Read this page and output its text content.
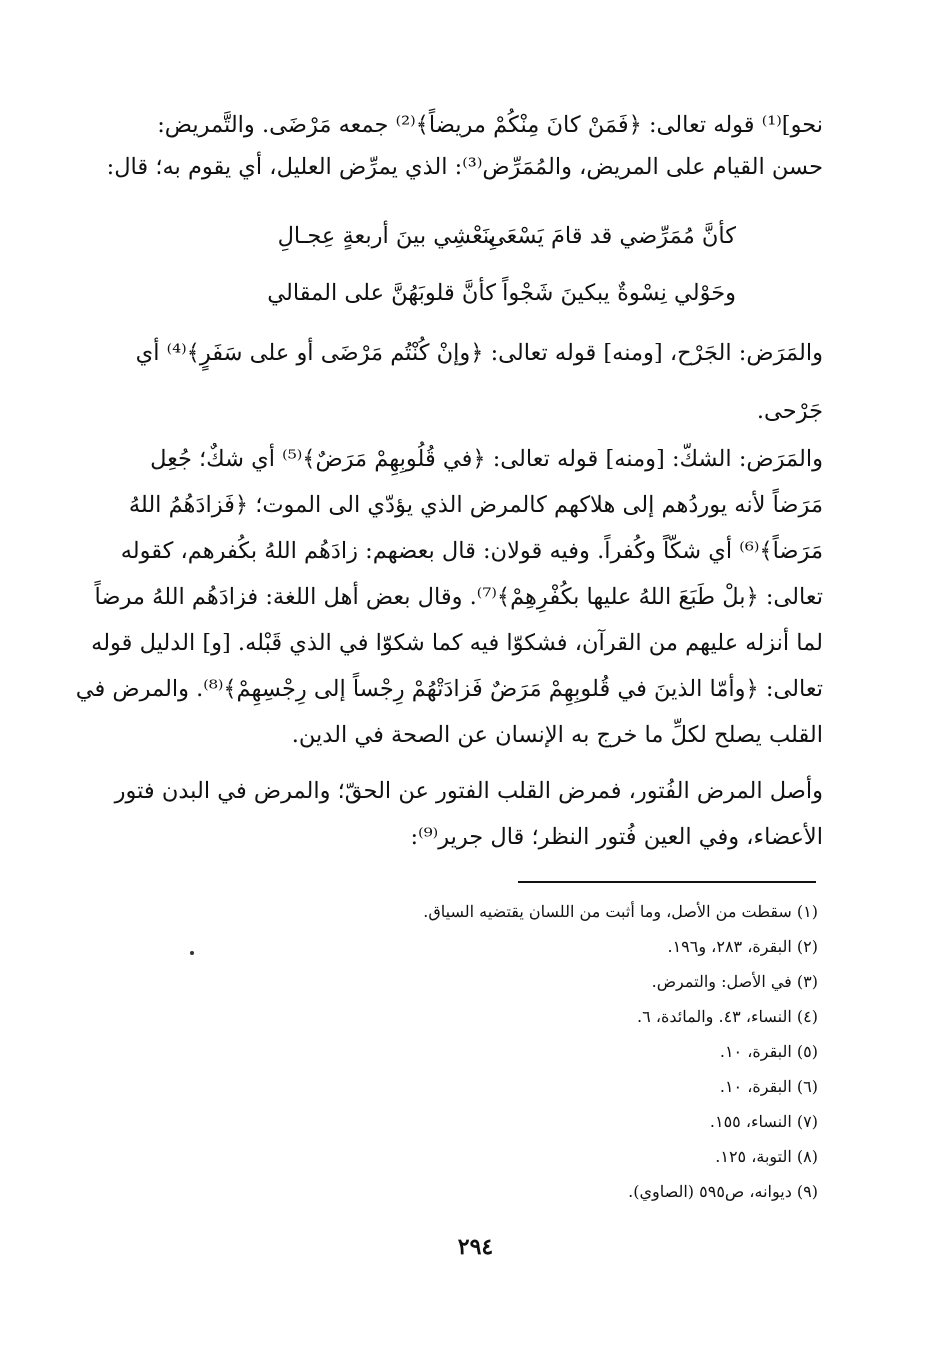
نحو]⁽¹⁾ قوله تعالى: ﴿فَمَنْ كانَ مِنْكُمْ مريضاً﴾⁽²⁾ جمعه مَرْضَى. والتَّمريض:
حسن القيام على المريض، والمُمَرِّض⁽³⁾: الذي يمرِّض العليل، أي يقوم به؛ قال:
كأنَّ مُمَرِّضي قد قامَ يَسْعَى
بِنَعْشِي بينَ أربعةٍ عِجـالِ
وحَوْلي نِسْوةٌ يبكينَ شَجْواً
كأنَّ قلوبَهُنَّ على المقالي
والمَرَض: الجَرْح، [ومنه] قوله تعالى: ﴿وإنْ كُنْتُم مَرْضَى أو على سَفَرٍ﴾⁽⁴⁾ أي
جَرْحى.
والمَرَض: الشكّ: [ومنه] قوله تعالى: ﴿في قُلُوبِهِمْ مَرَضٌ﴾⁽⁵⁾ أي شكٌ؛ جُعِل
مَرَضاً لأنه يوردُهم إلى هلاكهم كالمرض الذي يؤدّي الى الموت؛ ﴿فَزادَهُمُ اللهُ
مَرَضاً﴾⁽⁶⁾ أي شكّاً وكُفراً. وفيه قولان: قال بعضهم: زادَهُم اللهُ بكُفرهم، كقوله
تعالى: ﴿بلْ طَبَعَ اللهُ عليها بكُفْرِهِمْ﴾⁽⁷⁾. وقال بعض أهل اللغة: فزادَهُم اللهُ مرضاً
لما أنزله عليهم من القرآن، فشكوّا فيه كما شكوّا في الذي قَبْله. [و] الدليل قوله
تعالى: ﴿وأمّا الذينَ في قُلوبِهِمْ مَرَضٌ فَزادَتْهُمْ رِجْساً إلى رِجْسِهِمْ﴾⁽⁸⁾. والمرض في
القلب يصلح لكلِّ ما خرج به الإنسان عن الصحة في الدين.
وأصل المرض الفُتور، فمرض القلب الفتور عن الحقّ؛ والمرض في البدن فتور
الأعضاء، وفي العين فُتور النظر؛ قال جرير⁽⁹⁾:
(١) سقطت من الأصل، وما أثبت من اللسان يقتضيه السياق.
(٢) البقرة، ٢٨٣، و١٩٦.
(٣) في الأصل: والتمرض.
(٤) النساء، ٤٣. والمائدة، ٦.
(٥) البقرة، ١٠.
(٦) البقرة، ١٠.
(٧) النساء، ١٥٥.
(٨) التوبة، ١٢٥.
(٩) ديوانه، ص٥٩٥ (الصاوي).
٢٩٤
